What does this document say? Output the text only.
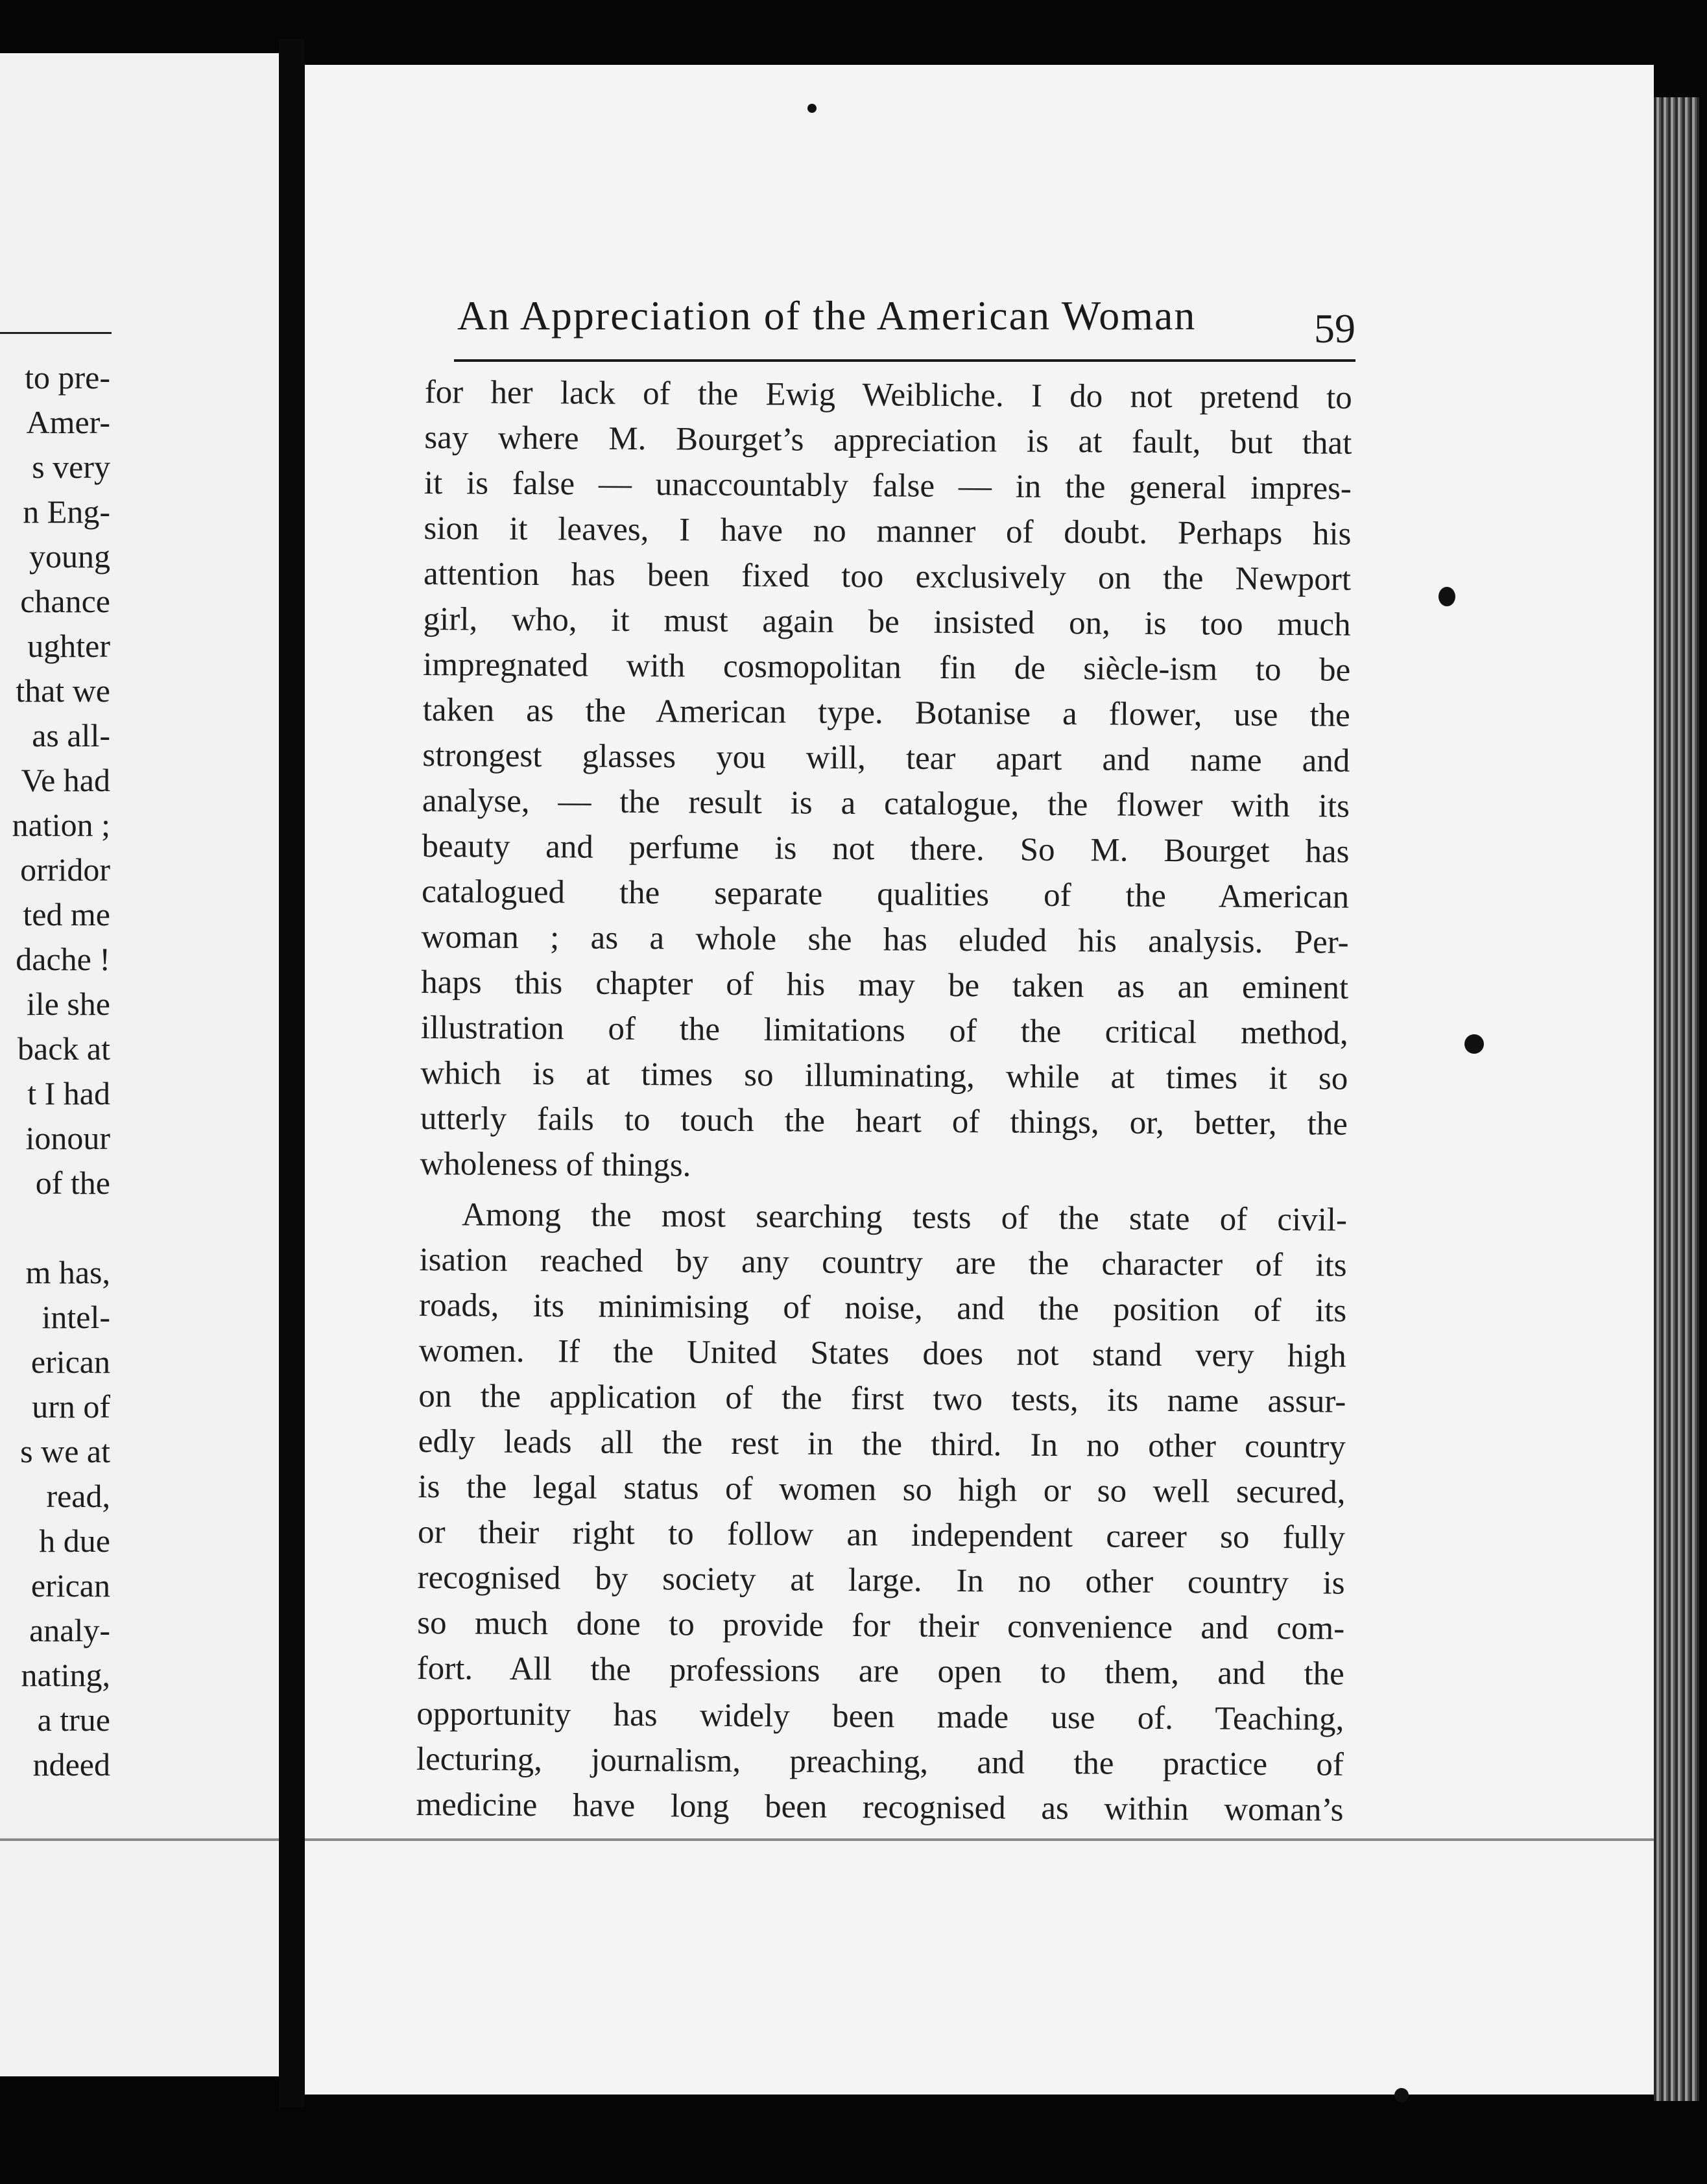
to pre-
Amer-
s very
n Eng-
young
chance
ughter
that we
as all-
Ve had
nation ;
orridor
ted me
dache !
ile she
back at
t I had
ionour
of the

m has,
intel-
erican
urn of
s we at
read,
h due
erican
analy-
nating,
a true
ndeed
An Appreciation of the American Woman	59
for her lack of the Ewig Weibliche. I do not pretend to
say where M. Bourget’s appreciation is at fault, but that
it is false — unaccountably false — in the general impres-
sion it leaves, I have no manner of doubt. Perhaps his
attention has been fixed too exclusively on the Newport
girl, who, it must again be insisted on, is too much
impregnated with cosmopolitan fin de siècle-ism to be
taken as the American type. Botanise a flower, use the
strongest glasses you will, tear apart and name and
analyse, — the result is a catalogue, the flower with its
beauty and perfume is not there. So M. Bourget has
catalogued the separate qualities of the American
woman ; as a whole she has eluded his analysis. Per-
haps this chapter of his may be taken as an eminent
illustration of the limitations of the critical method,
which is at times so illuminating, while at times it so
utterly fails to touch the heart of things, or, better, the
wholeness of things.
Among the most searching tests of the state of civil-
isation reached by any country are the character of its
roads, its minimising of noise, and the position of its
women. If the United States does not stand very high
on the application of the first two tests, its name assur-
edly leads all the rest in the third. In no other country
is the legal status of women so high or so well secured,
or their right to follow an independent career so fully
recognised by society at large. In no other country is
so much done to provide for their convenience and com-
fort. All the professions are open to them, and the
opportunity has widely been made use of. Teaching,
lecturing, journalism, preaching, and the practice of
medicine have long been recognised as within woman’s
